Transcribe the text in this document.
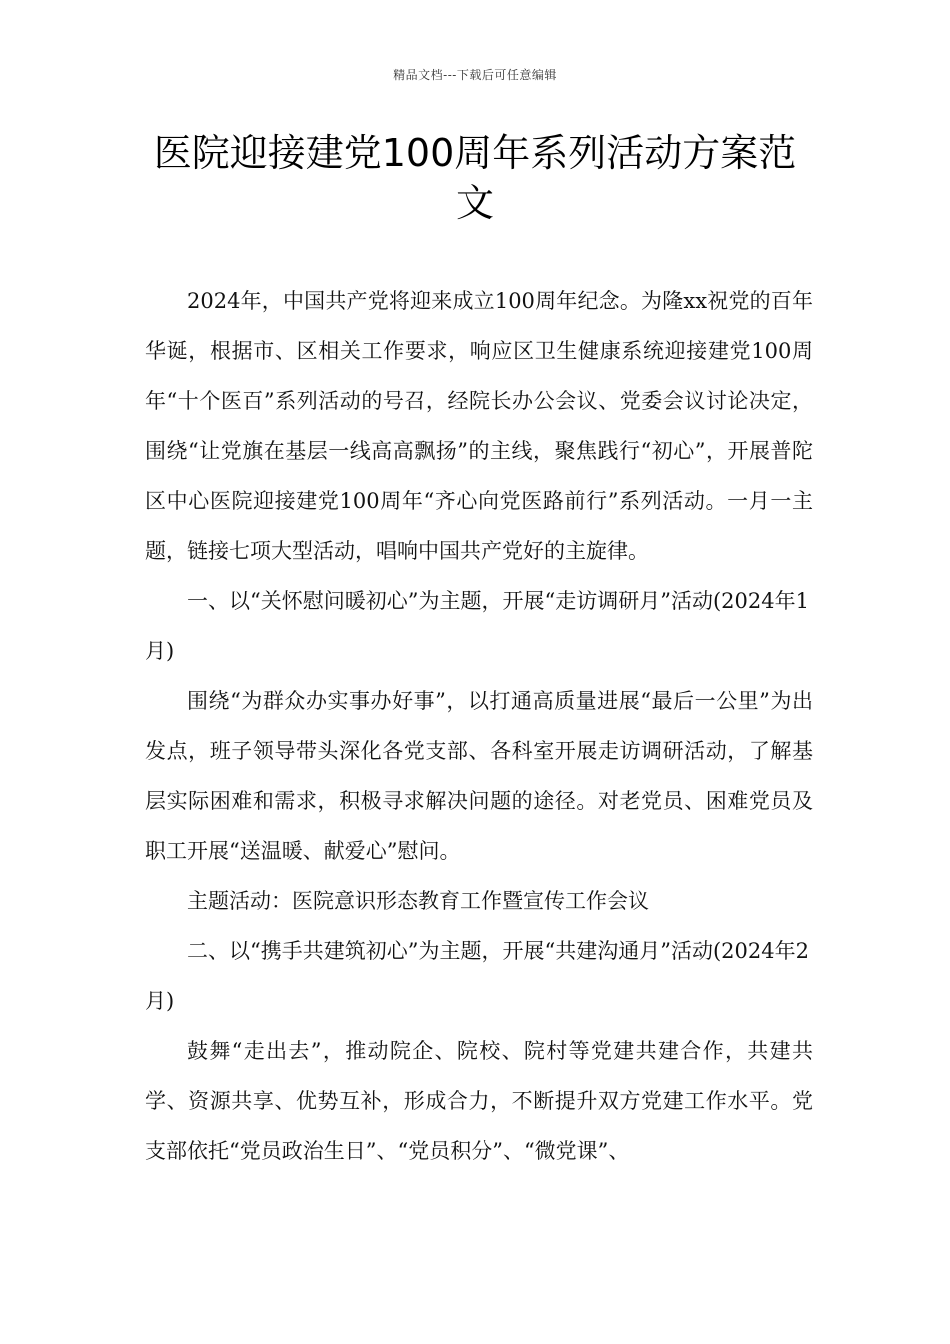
精品文档---下载后可任意编辑
医院迎接建党100周年系列活动方案范文

2024年，中国共产党将迎来成立100周年纪念。为隆xx祝党的百年华诞，根据市、区相关工作要求，响应区卫生健康系统迎接建党100周年“十个医百”系列活动的号召，经院长办公会议、党委会议讨论决定，围绕“让党旗在基层一线高高飘扬”的主线，聚焦践行“初心”，开展普陀区中心医院迎接建党100周年“齐心向党医路前行”系列活动。一月一主题，链接七项大型活动，唱响中国共产党好的主旋律。

一、以“关怀慰问暖初心”为主题，开展“走访调研月”活动(2024年1月)

围绕“为群众办实事办好事”，以打通高质量进展“最后一公里”为出发点，班子领导带头深化各党支部、各科室开展走访调研活动，了解基层实际困难和需求，积极寻求解决问题的途径。对老党员、困难党员及职工开展“送温暖、献爱心”慰问。

主题活动：医院意识形态教育工作暨宣传工作会议

二、以“携手共建筑初心”为主题，开展“共建沟通月”活动(2024年2月)

鼓舞“走出去”，推动院企、院校、院村等党建共建合作，共建共学、资源共享、优势互补，形成合力，不断提升双方党建工作水平。党支部依托“党员政治生日”、“党员积分”、“微党课”、
